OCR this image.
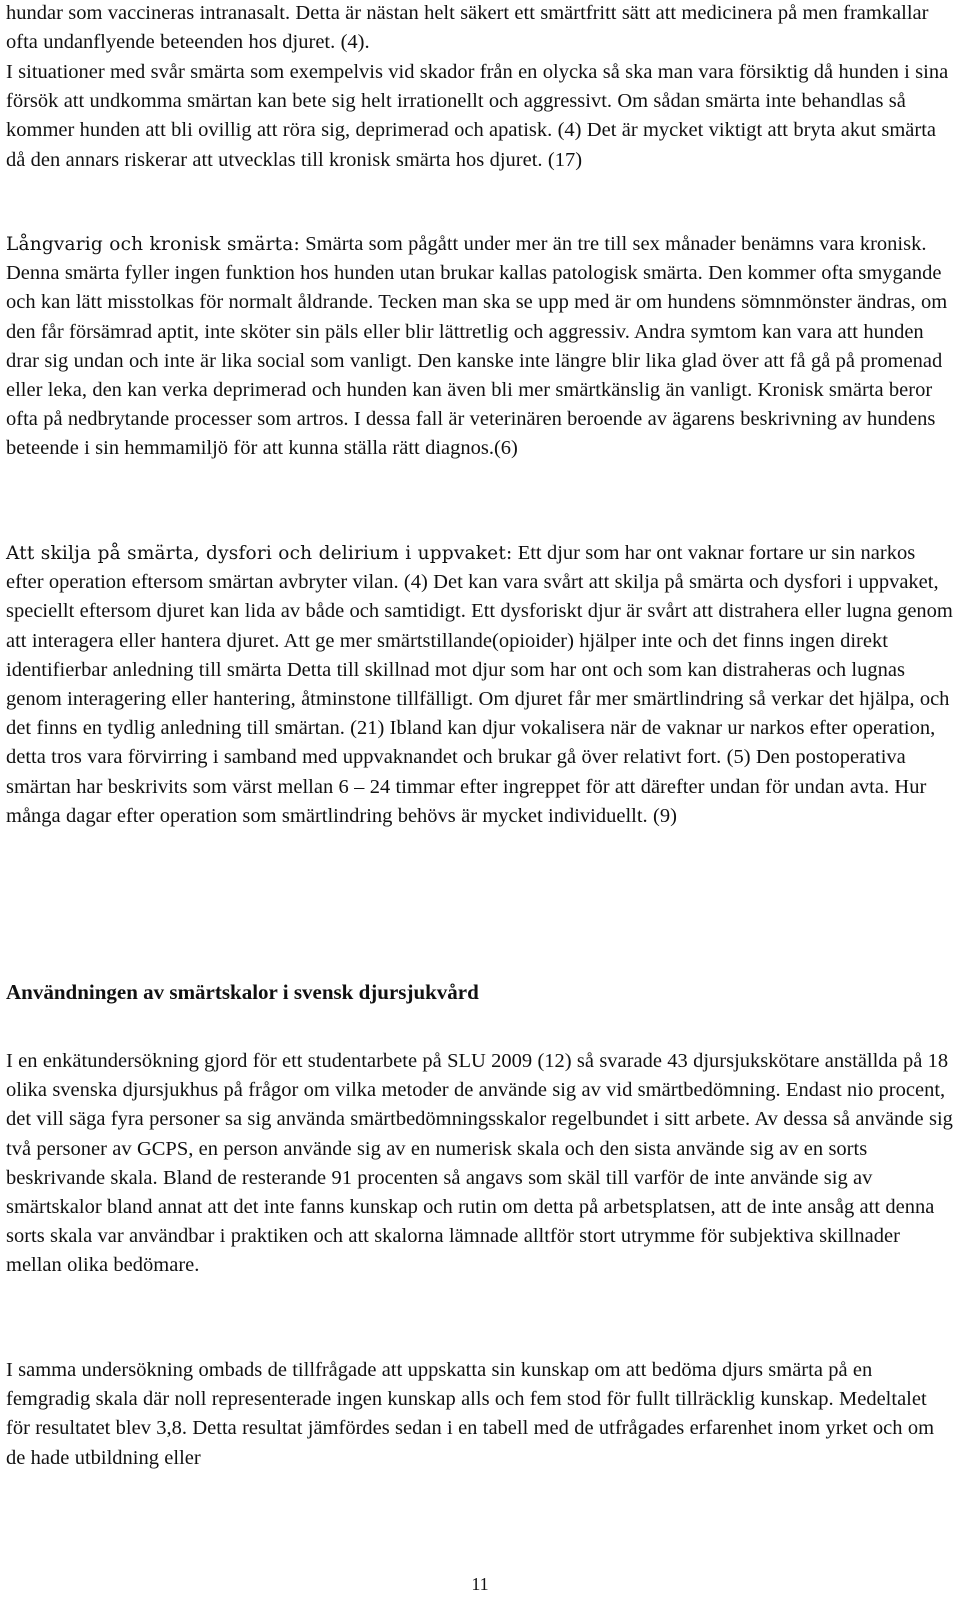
hundar som vaccineras intranasalt. Detta är nästan helt säkert ett smärtfritt sätt att medicinera på men framkallar ofta undanflyende beteenden hos djuret. (4).

I situationer med svår smärta som exempelvis vid skador från en olycka så ska man vara försiktig då hunden i sina försök att undkomma smärtan kan bete sig helt irrationellt och aggressivt. Om sådan smärta inte behandlas så kommer hunden att bli ovillig att röra sig, deprimerad och apatisk. (4) Det är mycket viktigt att bryta akut smärta då den annars riskerar att utvecklas till kronisk smärta hos djuret. (17)

Långvarig och kronisk smärta: Smärta som pågått under mer än tre till sex månader benämns vara kronisk. Denna smärta fyller ingen funktion hos hunden utan brukar kallas patologisk smärta. Den kommer ofta smygande och kan lätt misstolkas för normalt åldrande. Tecken man ska se upp med är om hundens sömnmönster ändras, om den får försämrad aptit, inte sköter sin päls eller blir lättretlig och aggressiv. Andra symtom kan vara att hunden drar sig undan och inte är lika social som vanligt. Den kanske inte längre blir lika glad över att få gå på promenad eller leka, den kan verka deprimerad och hunden kan även bli mer smärtkänslig än vanligt. Kronisk smärta beror ofta på nedbrytande processer som artros. I dessa fall är veterinären beroende av ägarens beskrivning av hundens beteende i sin hemmamiljö för att kunna ställa rätt diagnos.(6)

Att skilja på smärta, dysfori och delirium i uppvaket: Ett djur som har ont vaknar fortare ur sin narkos efter operation eftersom smärtan avbryter vilan. (4) Det kan vara svårt att skilja på smärta och dysfori i uppvaket, speciellt eftersom djuret kan lida av både och samtidigt. Ett dysforiskt djur är svårt att distrahera eller lugna genom att interagera eller hantera djuret. Att ge mer smärtstillande(opioider) hjälper inte och det finns ingen direkt identifierbar anledning till smärta Detta till skillnad mot djur som har ont och som kan distraheras och lugnas genom interagering eller hantering, åtminstone tillfälligt. Om djuret får mer smärtlindring så verkar det hjälpa, och det finns en tydlig anledning till smärtan. (21) Ibland kan djur vokalisera när de vaknar ur narkos efter operation, detta tros vara förvirring i samband med uppvaknandet och brukar gå över relativt fort. (5) Den postoperativa smärtan har beskrivits som värst mellan 6 – 24 timmar efter ingreppet för att därefter undan för undan avta. Hur många dagar efter operation som smärtlindring behövs är mycket individuellt. (9)

Användningen av smärtskalor i svensk djursjukvård

I en enkätundersökning gjord för ett studentarbete på SLU 2009 (12) så svarade 43 djursjukskötare anställda på 18 olika svenska djursjukhus på frågor om vilka metoder de använde sig av vid smärtbedömning. Endast nio procent, det vill säga fyra personer sa sig använda smärtbedömningsskalor regelbundet i sitt arbete. Av dessa så använde sig två personer av GCPS, en person använde sig av en numerisk skala och den sista använde sig av en sorts beskrivande skala. Bland de resterande 91 procenten så angavs som skäl till varför de inte använde sig av smärtskalor bland annat att det inte fanns kunskap och rutin om detta på arbetsplatsen, att de inte ansåg att denna sorts skala var användbar i praktiken och att skalorna lämnade alltför stort utrymme för subjektiva skillnader mellan olika bedömare.

I samma undersökning ombads de tillfrågade att uppskatta sin kunskap om att bedöma djurs smärta på en femgradig skala där noll representerade ingen kunskap alls och fem stod för fullt tillräcklig kunskap. Medeltalet för resultatet blev 3,8. Detta resultat jämfördes sedan i en tabell med de utfrågades erfarenhet inom yrket och om de hade utbildning eller

11
